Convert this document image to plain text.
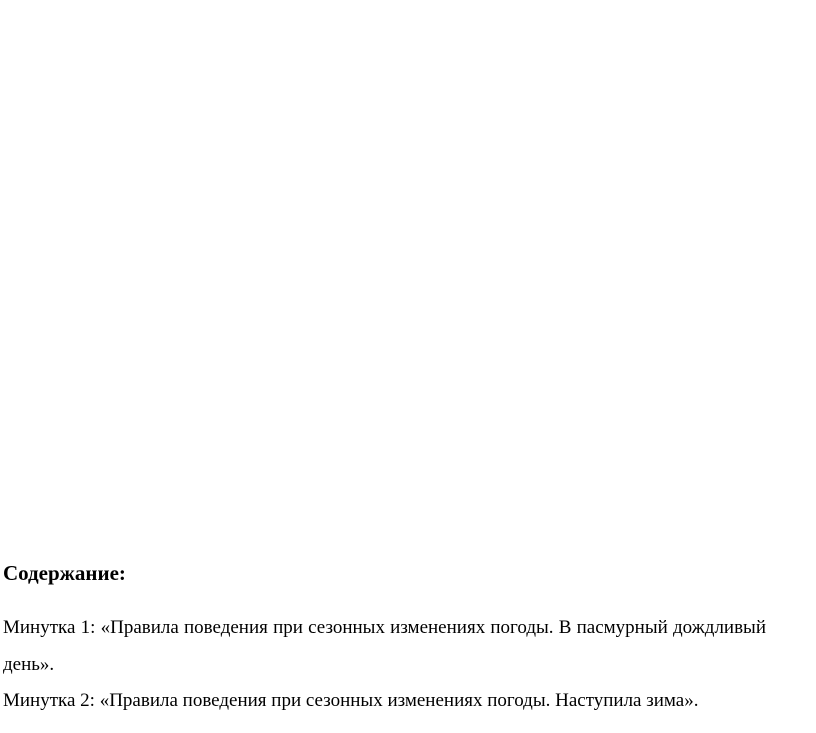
Содержание:

Минутка 1: «Правила поведения при сезонных изменениях погоды. В пасмурный дождливый день».

Минутка 2: «Правила поведения при сезонных изменениях погоды. Наступила зима».
